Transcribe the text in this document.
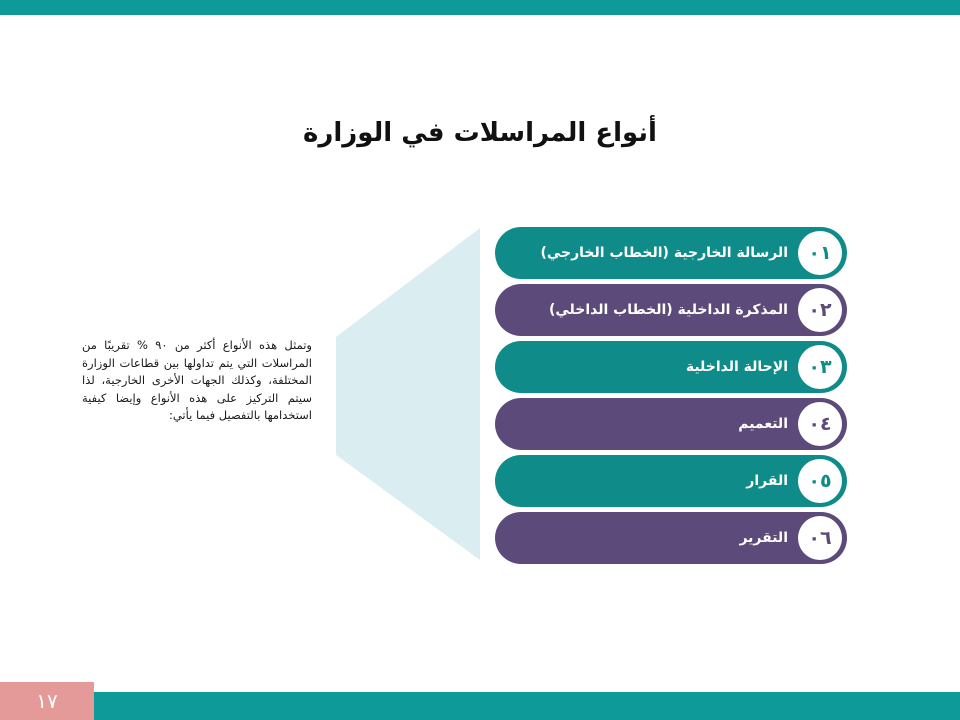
أنواع المراسلات في الوزارة
وتمثل هذه الأنواع أكثر من ٩٠ % تقريبًا من المراسلات التي يتم تداولها بين قطاعات الوزارة المختلفة، وكذلك الجهات الأخرى الخارجية، لذا سيتم التركيز على هذه الأنواع وإيضا كيفية استخدامها بالتفصيل فيما يأتي:
الرسالة الخارجية (الخطاب الخارجي)	٠١
المذكرة الداخلية (الخطاب الداخلي)	٠٢
الإحالة الداخلية	٠٣
التعميم	٠٤
القرار	٠٥
التقرير	٠٦
١٧
